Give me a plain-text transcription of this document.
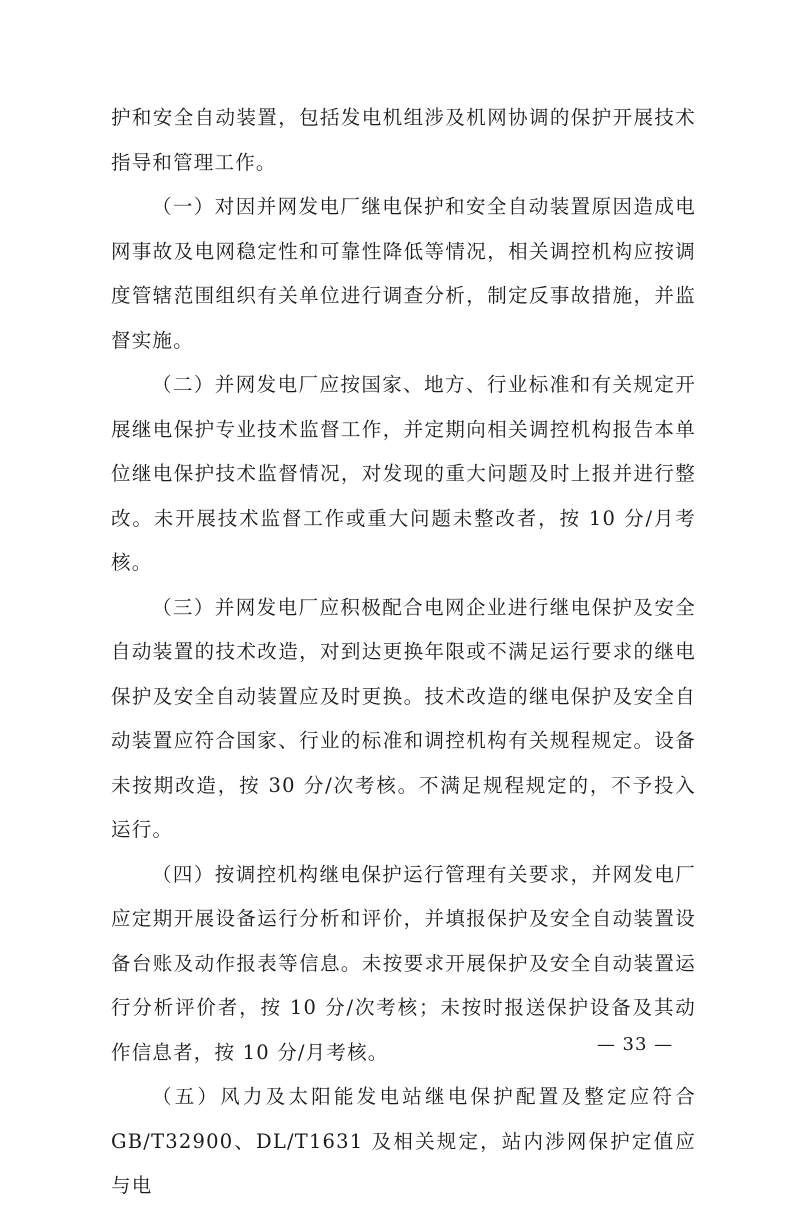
护和安全自动装置，包括发电机组涉及机网协调的保护开展技术指导和管理工作。

（一）对因并网发电厂继电保护和安全自动装置原因造成电网事故及电网稳定性和可靠性降低等情况，相关调控机构应按调度管辖范围组织有关单位进行调查分析，制定反事故措施，并监督实施。

（二）并网发电厂应按国家、地方、行业标准和有关规定开展继电保护专业技术监督工作，并定期向相关调控机构报告本单位继电保护技术监督情况，对发现的重大问题及时上报并进行整改。未开展技术监督工作或重大问题未整改者，按 10 分/月考核。

（三）并网发电厂应积极配合电网企业进行继电保护及安全自动装置的技术改造，对到达更换年限或不满足运行要求的继电保护及安全自动装置应及时更换。技术改造的继电保护及安全自动装置应符合国家、行业的标准和调控机构有关规程规定。设备未按期改造，按 30 分/次考核。不满足规程规定的，不予投入运行。

（四）按调控机构继电保护运行管理有关要求，并网发电厂应定期开展设备运行分析和评价，并填报保护及安全自动装置设备台账及动作报表等信息。未按要求开展保护及安全自动装置运行分析评价者，按 10 分/次考核；未按时报送保护设备及其动作信息者，按 10 分/月考核。

（五）风力及太阳能发电站继电保护配置及整定应符合 GB/T32900、DL/T1631 及相关规定，站内涉网保护定值应与电

— 33 —
